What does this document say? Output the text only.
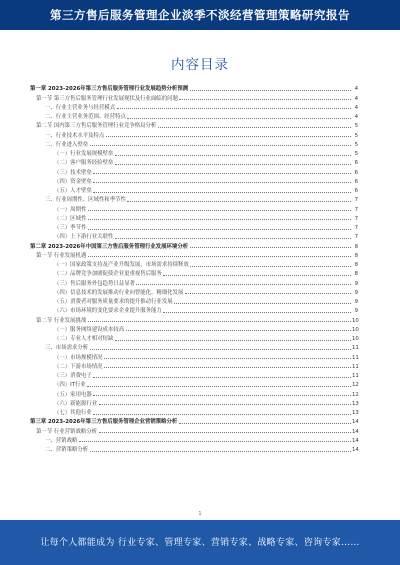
第三方售后服务管理企业淡季不淡经营管理策略研究报告
内容目录
第一章 2023-2026年第三方售后服务管理行业发展趋势分析预测	4
第一节 第三方售后服务管理行业发展现状及行业面临的问题	4
一、行业主营业务与经营模式	4
二、行业主营业务范围、经营特点	4
第二节 国内第三方售后服务管理行业竞争格局分析	5
一、行业技术水平及特点	5
二、行业进入壁垒	5
（一）行业发展规模壁垒	5
（二）客户服务经验壁垒	6
（三）技术壁垒	6
（四）资金壁垒	6
（五）人才壁垒	6
三、行业周期性、区域性和季节性	7
（一）周期性	7
（二）区域性	7
（三）季节性	7
（四）上下游行业关联性	7
第二章 2023-2026年中国第三方售后服务管理行业发展环境分析	8
第一节 行业发展机遇	8
（一）国家政策支持及产业升级发展，市场需求持续释放	8
（二）品牌竞争加剧促使企业更重视售后服务	8
（三）售后服务外包趋势日益显著	9
（四）信息技术的发展推动行业向智能化、精细化发展	9
（五）消费者对服务质量要求的提升推动行业发展	9
（六）市场环境的变化要求企业提升服务能力	9
第二节 行业发展挑战	10
（一）服务网络建设成本较高	10
（二）专业人才相对短缺	10
三、市场需求分析	11
（一）市场规模情况	11
（二）下游市场情况	11
（三）消费电子	11
（四）IT行业	12
（五）家用电器	12
（六）新能源行业	13
（七）其他行业	13
第三章 2023-2026年第三方售后服务管理企业营销策略分析	14
第一节 行业营销战略分析	14
一、营销战略	14
二、营销策略分析	14
1
让每个人都能成为 行业专家、管理专家、营销专家、战略专家、咨询专家……
